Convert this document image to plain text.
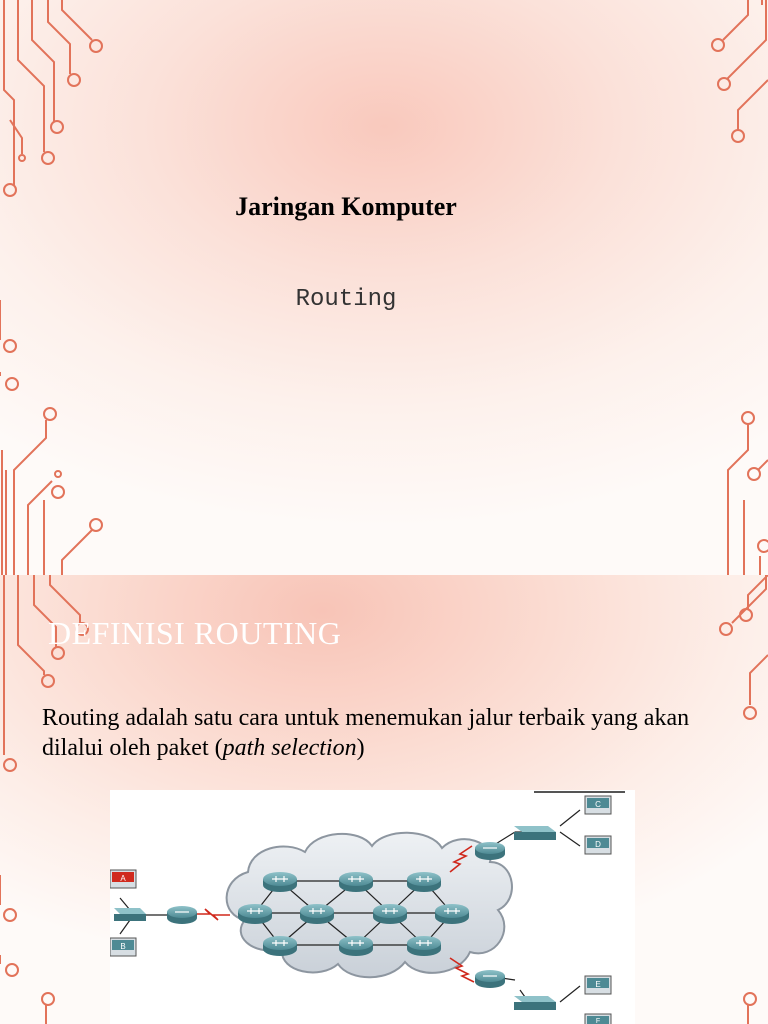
Jaringan Komputer
Routing
DEFINISI ROUTING
Routing adalah satu cara untuk menemukan jalur terbaik yang akan dilalui oleh paket (path selection)
A
B
C
D
E
F
